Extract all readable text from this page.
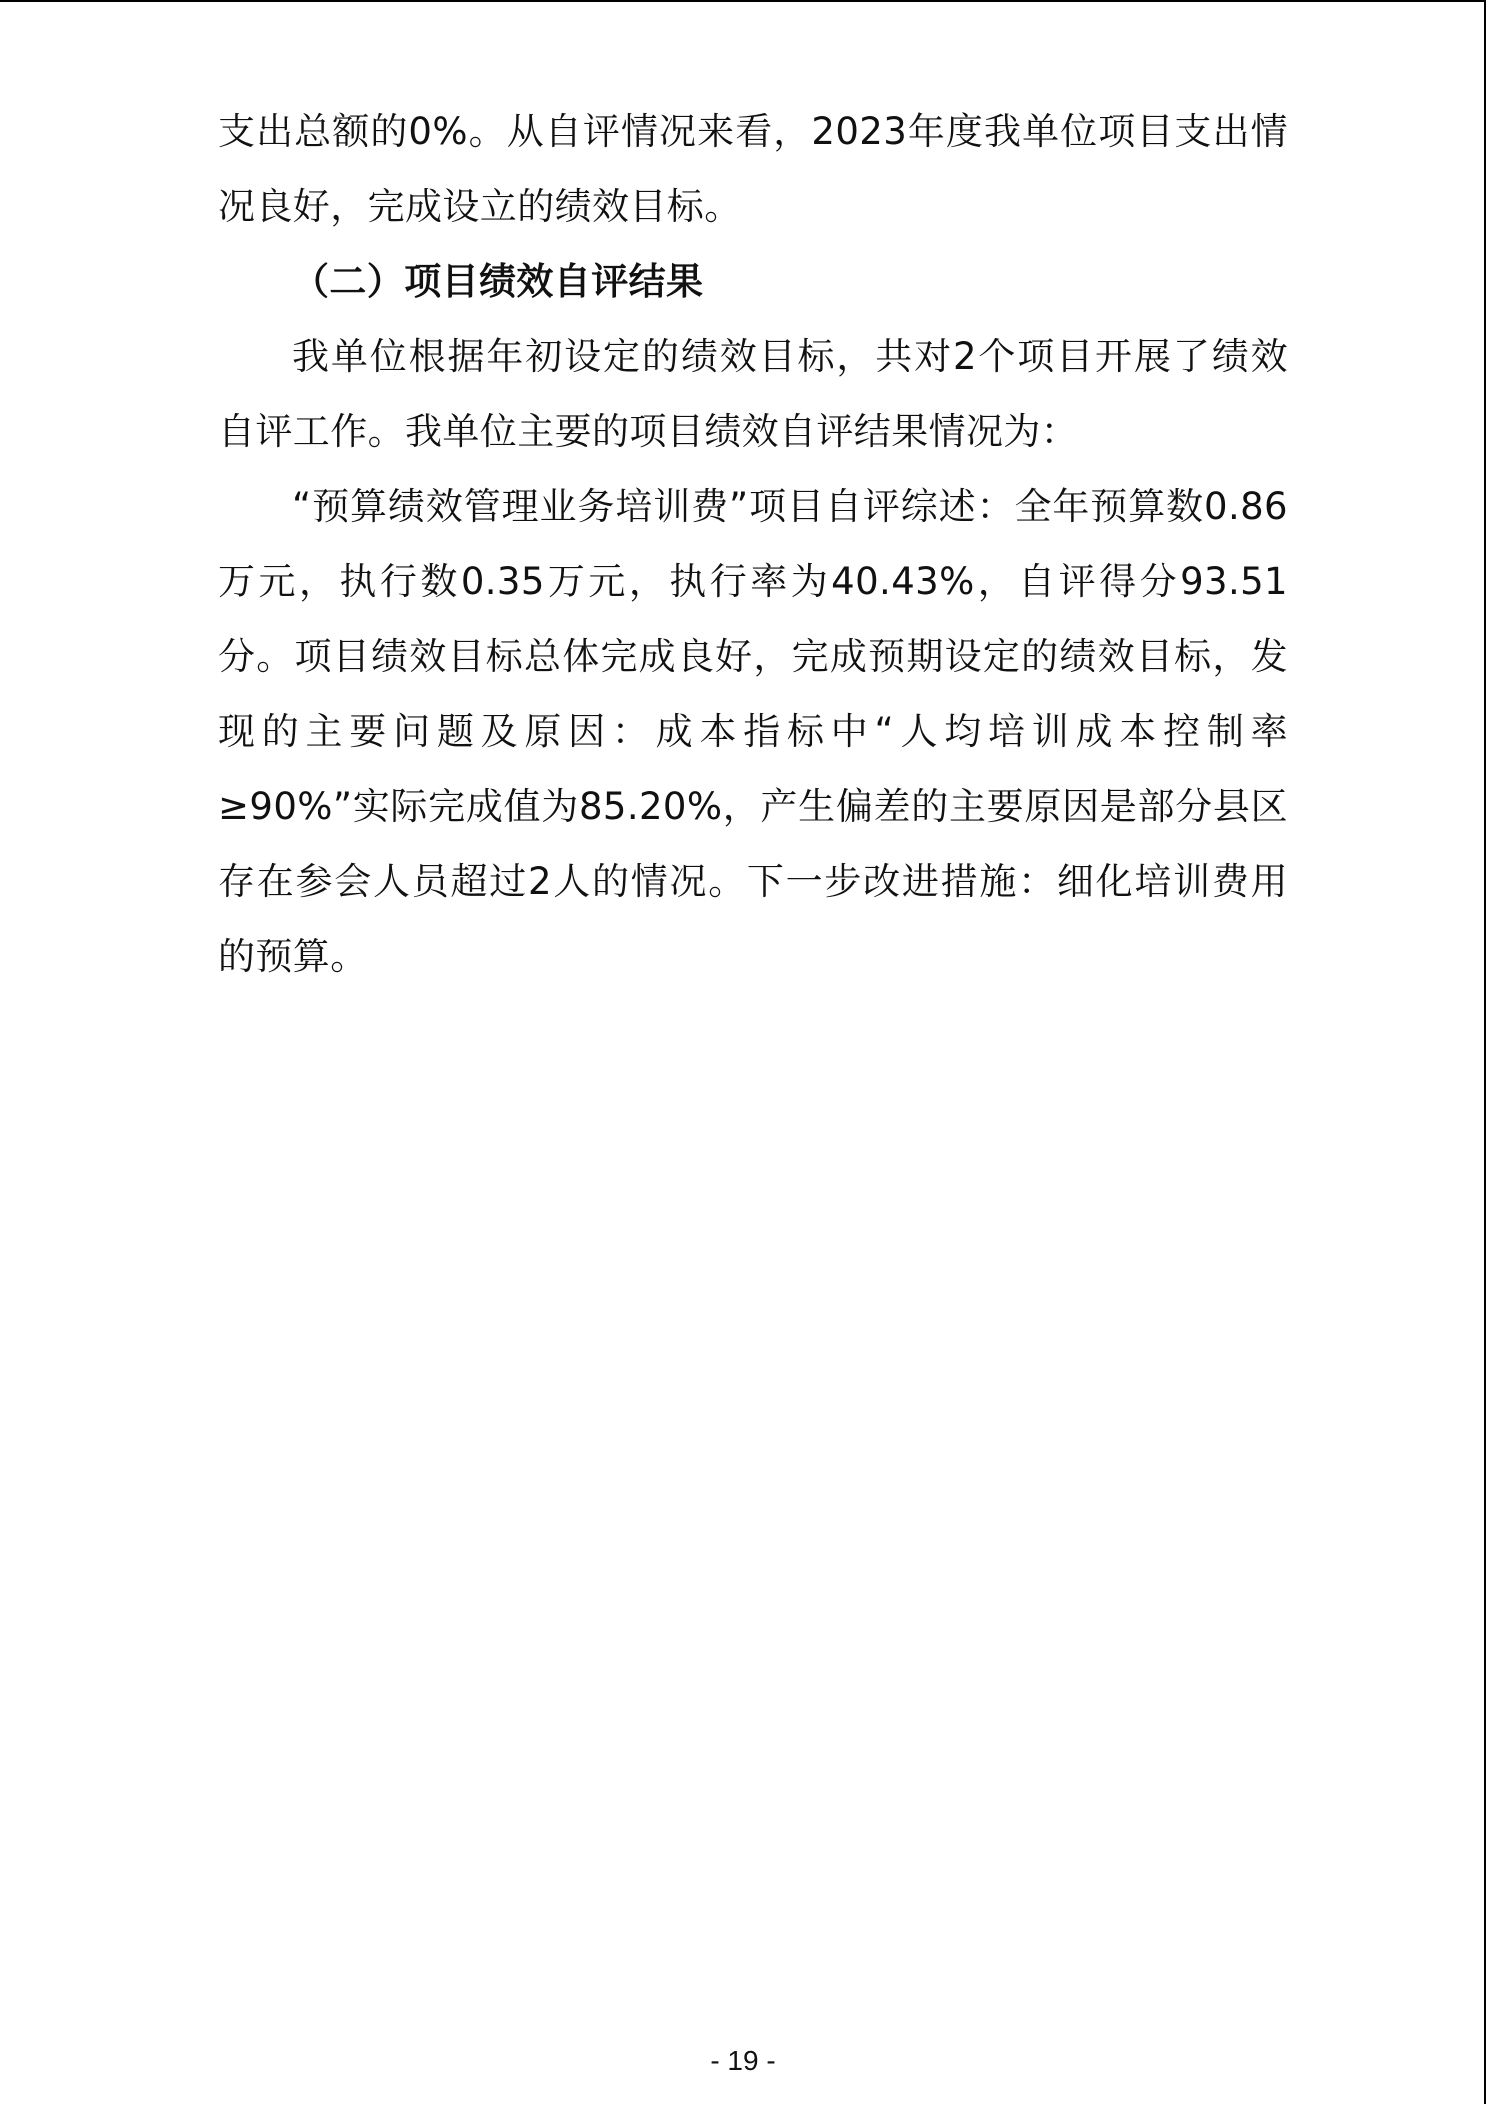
支出总额的0%。从自评情况来看，2023年度我单位项目支出情况良好，完成设立的绩效目标。

（二）项目绩效自评结果

我单位根据年初设定的绩效目标，共对2个项目开展了绩效自评工作。我单位主要的项目绩效自评结果情况为：

“预算绩效管理业务培训费”项目自评综述：全年预算数0.86万元，执行数0.35万元，执行率为40.43%，自评得分93.51分。项目绩效目标总体完成良好，完成预期设定的绩效目标，发现的主要问题及原因：成本指标中“人均培训成本控制率≥90%”实际完成值为85.20%，产生偏差的主要原因是部分县区存在参会人员超过2人的情况。下一步改进措施：细化培训费用的预算。

- 19 -
